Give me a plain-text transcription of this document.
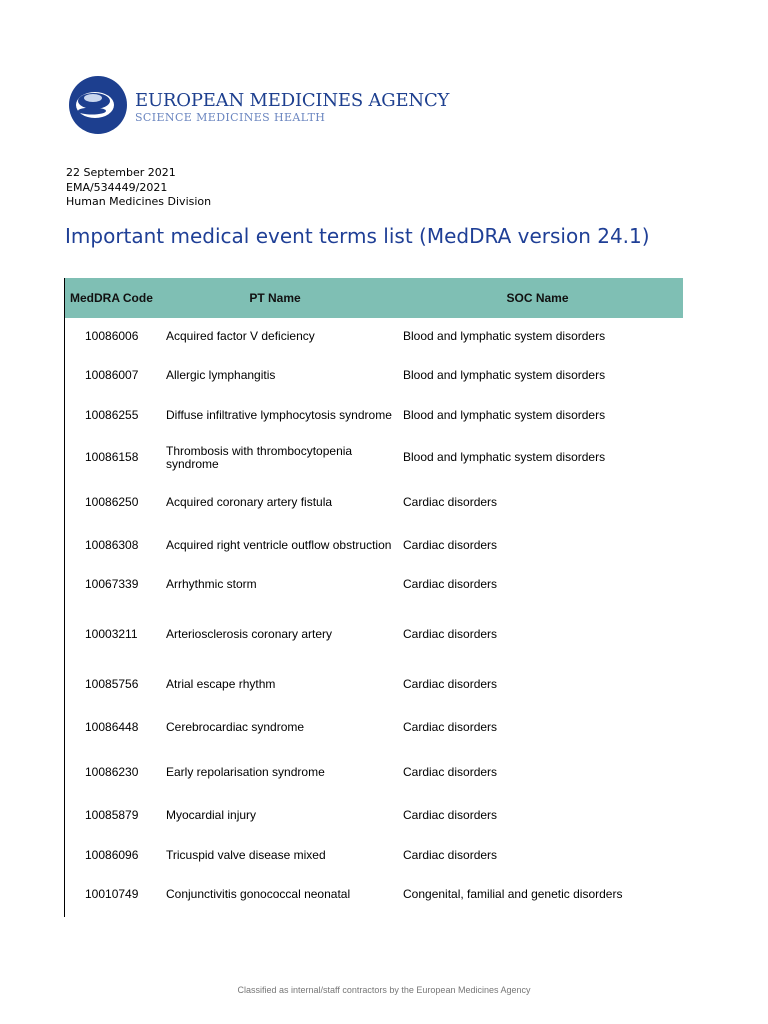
EUROPEAN MEDICINES AGENCY
SCIENCE MEDICINES HEALTH
22 September 2021
EMA/534449/2021
Human Medicines Division
Important medical event terms list (MedDRA version 24.1)
MedDRA Code	PT Name	SOC Name
10086006	Acquired factor V deficiency	Blood and lymphatic system disorders
10086007	Allergic lymphangitis	Blood and lymphatic system disorders
10086255	Diffuse infiltrative lymphocytosis syndrome	Blood and lymphatic system disorders
10086158	Thrombosis with thrombocytopenia syndrome	Blood and lymphatic system disorders
10086250	Acquired coronary artery fistula	Cardiac disorders
10086308	Acquired right ventricle outflow obstruction	Cardiac disorders
10067339	Arrhythmic storm	Cardiac disorders
10003211	Arteriosclerosis coronary artery	Cardiac disorders
10085756	Atrial escape rhythm	Cardiac disorders
10086448	Cerebrocardiac syndrome	Cardiac disorders
10086230	Early repolarisation syndrome	Cardiac disorders
10085879	Myocardial injury	Cardiac disorders
10086096	Tricuspid valve disease mixed	Cardiac disorders
10010749	Conjunctivitis gonococcal neonatal	Congenital, familial and genetic disorders
Classified as internal/staff contractors by the European Medicines Agency
